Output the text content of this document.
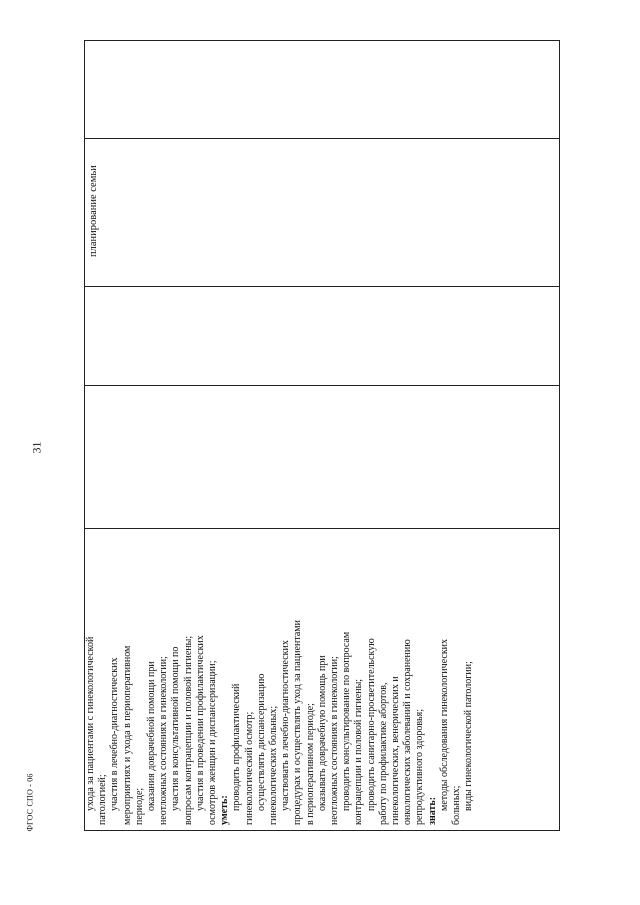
31
ФГОС СПО - 06
планирование семьи
ухода за пациентами с гинекологической патологией; участия в лечебно-диагностических мероприятиях и ухода в периоперативном периоде; оказания доврачебной помощи при неотложных состояниях в гинекологии; участия в консультативной помощи по вопросам контрацепции и половой гигиены; участия в проведении профилактических осмотров женщин и диспансеризации; уметь: проводить профилактический гинекологический осмотр; осуществлять диспансеризацию гинекологических больных; участвовать в лечебно-диагностических процедурах и осуществлять уход за пациентами в периоперативном периоде; оказывать доврачебную помощь при неотложных состояниях в гинекологии; проводить консультирование по вопросам контрацепции и половой гигиены; проводить санитарно-просветительскую работу по профилактике абортов, гинекологических, венерических и онкологических заболеваний и сохранению репродуктивного здоровья; знать: методы обследования гинекологических больных; виды гинекологической патологии;
